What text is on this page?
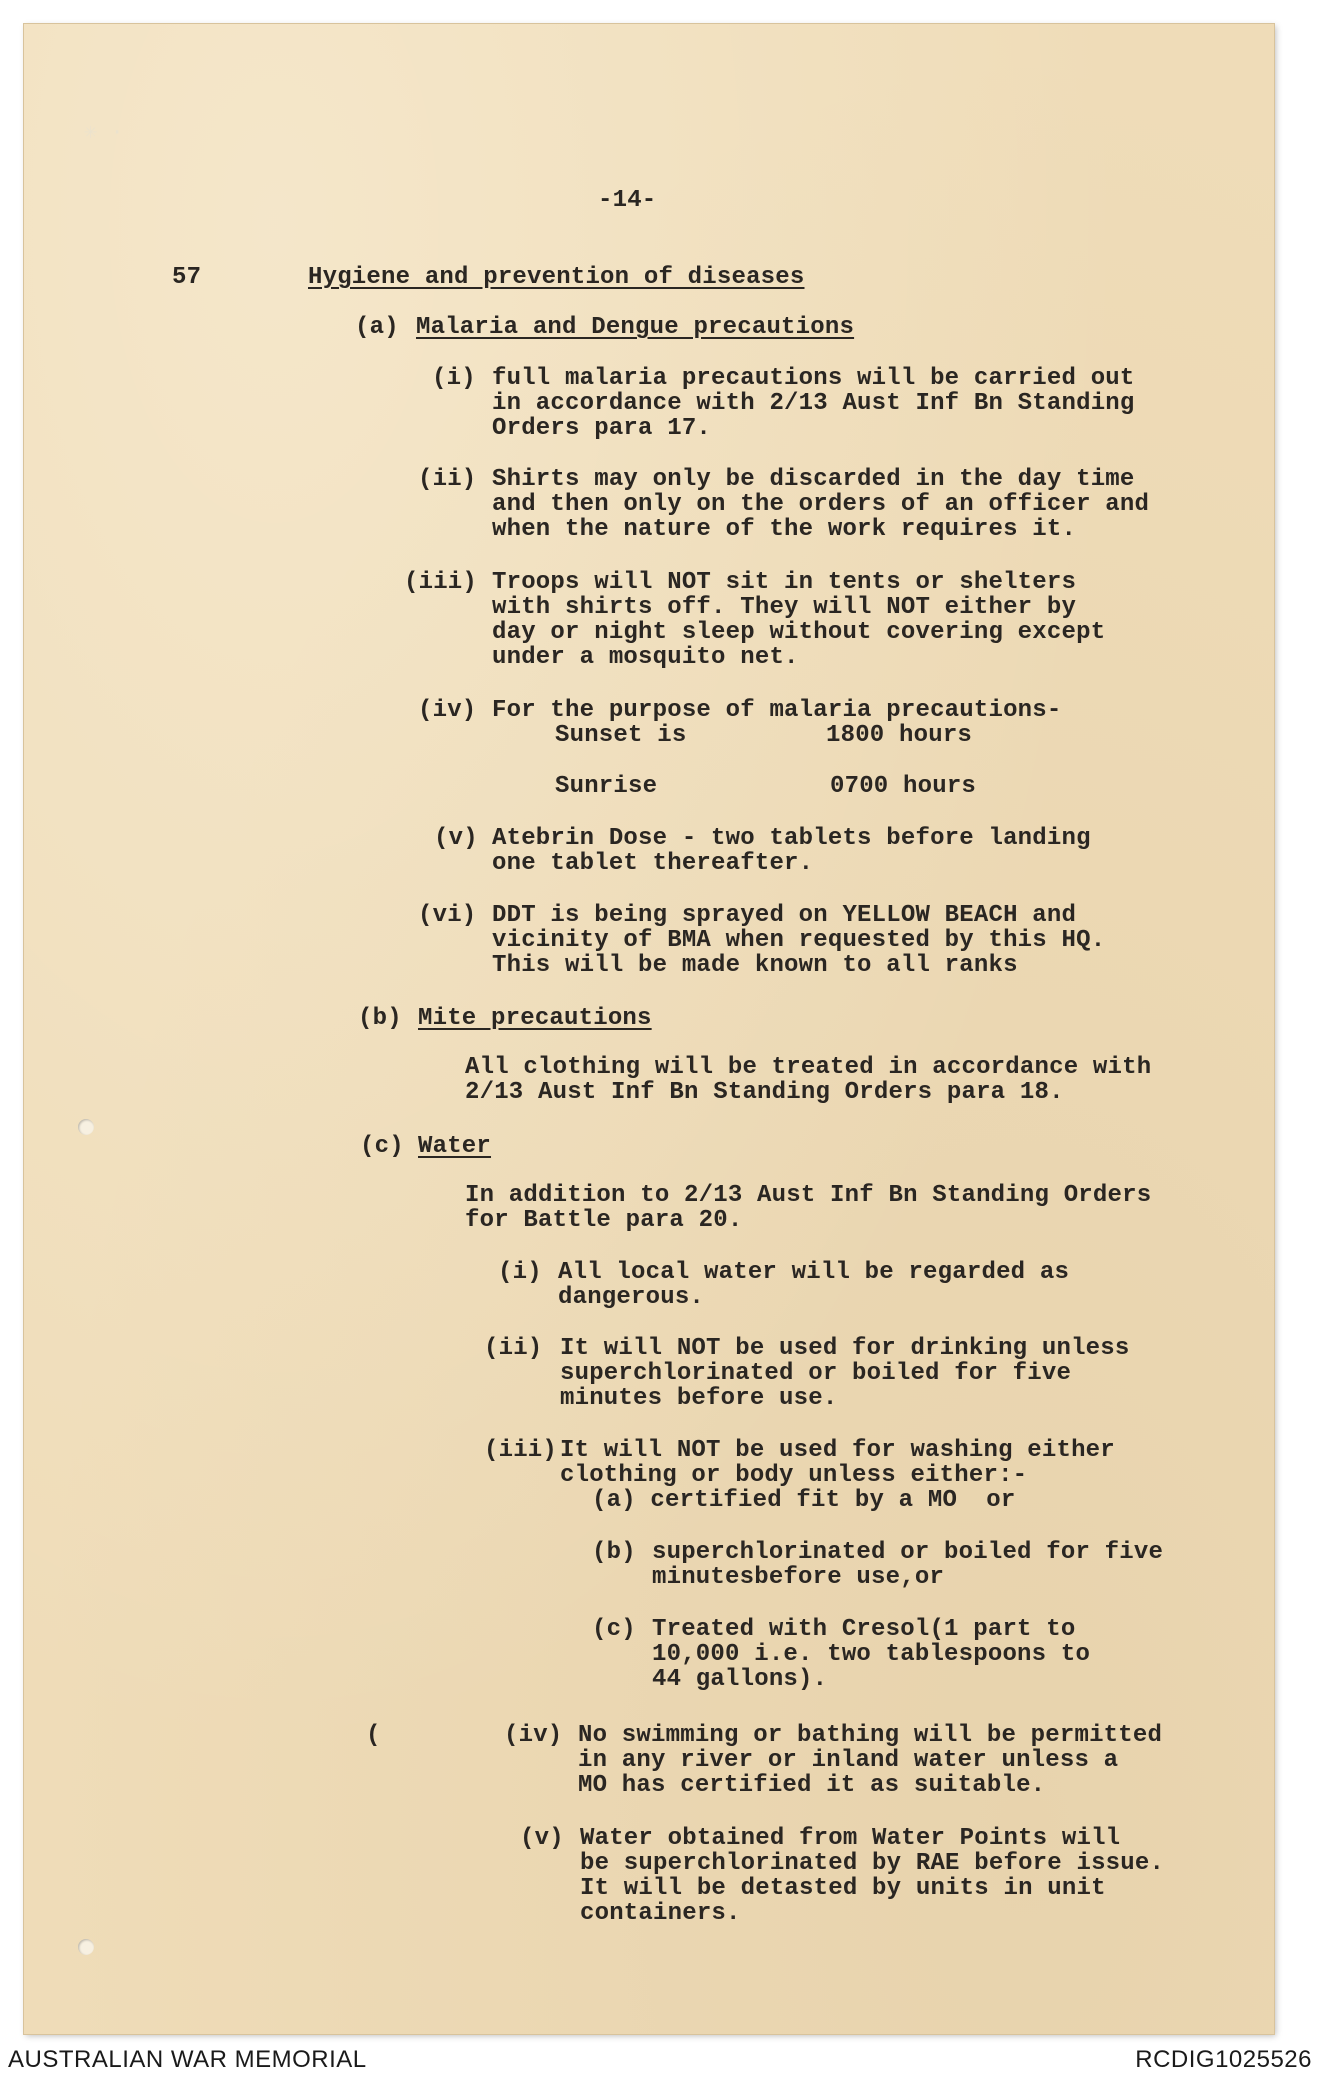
✳ ·
-14-
57	Hygiene and prevention of diseases
(a) Malaria and Dengue precautions
(i) full malaria precautions will be carried out
in accordance with 2/13 Aust Inf Bn Standing
Orders para 17.
(ii) Shirts may only be discarded in the day time
and then only on the orders of an officer and
when the nature of the work requires it.
(iii) Troops will NOT sit in tents or shelters
with shirts off. They will NOT either by
day or night sleep without covering except
under a mosquito net.
(iv) For the purpose of malaria precautions-
Sunset is	1800 hours
Sunrise	0700 hours
(v) Atebrin Dose - two tablets before landing
one tablet thereafter.
(vi) DDT is being sprayed on YELLOW BEACH and
vicinity of BMA when requested by this HQ.
This will be made known to all ranks
(b) Mite precautions
All clothing will be treated in accordance with
2/13 Aust Inf Bn Standing Orders para 18.
(c) Water
In addition to 2/13 Aust Inf Bn Standing Orders
for Battle para 20.
(i) All local water will be regarded as
dangerous.
(ii) It will NOT be used for drinking unless
superchlorinated or boiled for five
minutes before use.
(iii) It will NOT be used for washing either
clothing or body unless either:-
(a) certified fit by a MO  or
(b) superchlorinated or boiled for five
minutesbefore use,or
(c) Treated with Cresol(1 part to
10,000 i.e. two tablespoons to
44 gallons).
(	(iv) No swimming or bathing will be permitted
in any river or inland water unless a
MO has certified it as suitable.
(v) Water obtained from Water Points will
be superchlorinated by RAE before issue.
It will be detasted by units in unit
containers.
AUSTRALIAN WAR MEMORIAL	RCDIG1025526
